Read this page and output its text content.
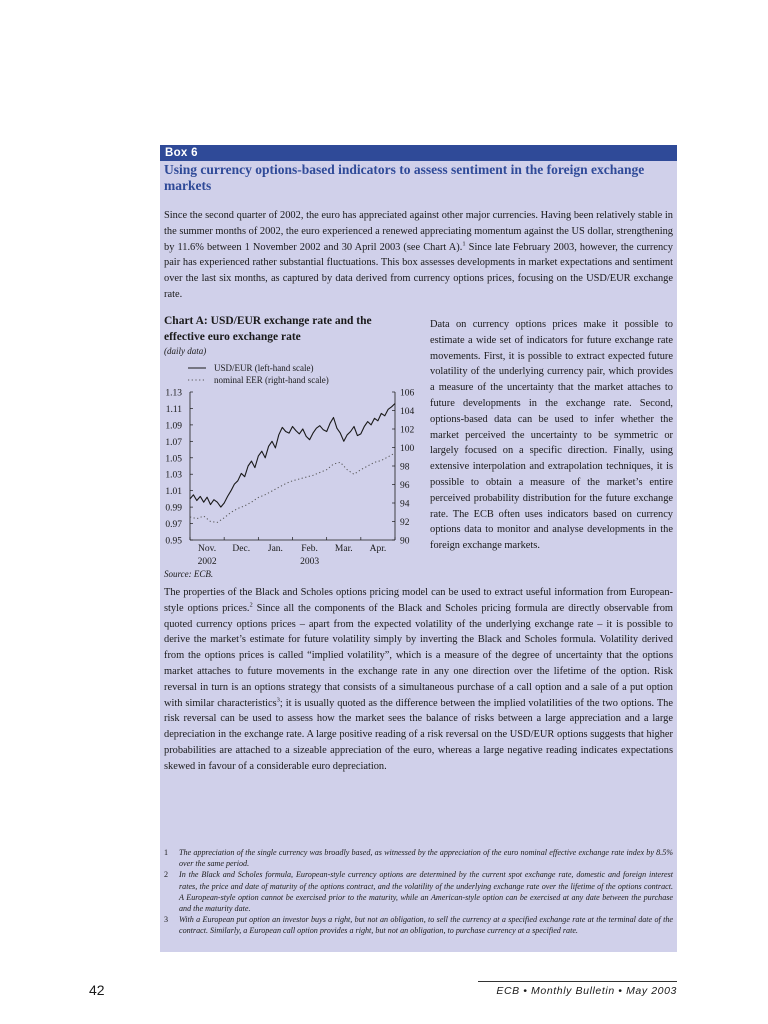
Box 6
Using currency options-based indicators to assess sentiment in the foreign exchange markets

Since the second quarter of 2002, the euro has appreciated against other major currencies. Having been relatively stable in the summer months of 2002, the euro experienced a renewed appreciating momentum against the US dollar, strengthening by 11.6% between 1 November 2002 and 30 April 2003 (see Chart A).$^1$ Since late February 2003, however, the currency pair has experienced rather substantial fluctuations. This box assesses developments in market expectations and sentiment over the last six months, as captured by data derived from currency options prices, focusing on the USD/EUR exchange rate.

Chart A: USD/EUR exchange rate and the effective euro exchange rate
(daily data)
USD/EUR (left-hand scale)
nominal EER (right-hand scale)
0.95
0.97
0.99
1.01
1.03
1.05
1.07
1.09
1.11
1.13
90
92
94
96
98
100
102
104
106
Nov. Dec. Jan. Feb. Mar. Apr.
2002	2003
Source: ECB.

Data on currency options prices make it possible to estimate a wide set of indicators for future exchange rate movements. First, it is possible to extract expected future volatility of the underlying currency pair, which provides a measure of the uncertainty that the market attaches to future developments in the exchange rate. Second, options-based data can be used to infer whether the market perceived the uncertainty to be symmetric or largely focused on a specific direction. Finally, using extensive interpolation and extrapolation techniques, it is possible to obtain a measure of the market’s entire perceived probability distribution for the future exchange rate. The ECB often uses indicators based on currency options data to monitor and analyse developments in the foreign exchange markets.

The properties of the Black and Scholes options pricing model can be used to extract useful information from European-style options prices.$^2$ Since all the components of the Black and Scholes pricing formula are directly observable from quoted currency options prices – apart from the expected volatility of the underlying exchange rate – it is possible to derive the market’s estimate for future volatility simply by inverting the Black and Scholes formula. Volatility derived from the options prices is called “implied volatility”, which is a measure of the degree of uncertainty that the options market attaches to future movements in the exchange rate in any one direction over the lifetime of the option. Risk reversal in turn is an options strategy that consists of a simultaneous purchase of a call option and a sale of a put option with similar characteristics$^3$; it is usually quoted as the difference between the implied volatilities of the two options. The risk reversal can be used to assess how the market sees the balance of risks between a large appreciation and a large depreciation in the exchange rate. A large positive reading of a risk reversal on the USD/EUR options suggests that higher probabilities are attached to a sizeable appreciation of the euro, whereas a large negative reading indicates expectations skewed in favour of a considerable euro depreciation.

1 The appreciation of the single currency was broadly based, as witnessed by the appreciation of the euro nominal effective exchange rate index by 8.5% over the same period.

2 In the Black and Scholes formula, European-style currency options are determined by the current spot exchange rate, domestic and foreign interest rates, the price and date of maturity of the options contract, and the volatility of the underlying exchange rate over the lifetime of the options contract. A European-style option cannot be exercised prior to the maturity, while an American-style option can be exercised at any date between the purchase and the maturity date.

3 With a European put option an investor buys a right, but not an obligation, to sell the currency at a specified exchange rate at the terminal date of the contract. Similarly, a European call option provides a right, but not an obligation, to purchase currency at a specified rate.

42	ECB • Monthly Bulletin • May 2003
